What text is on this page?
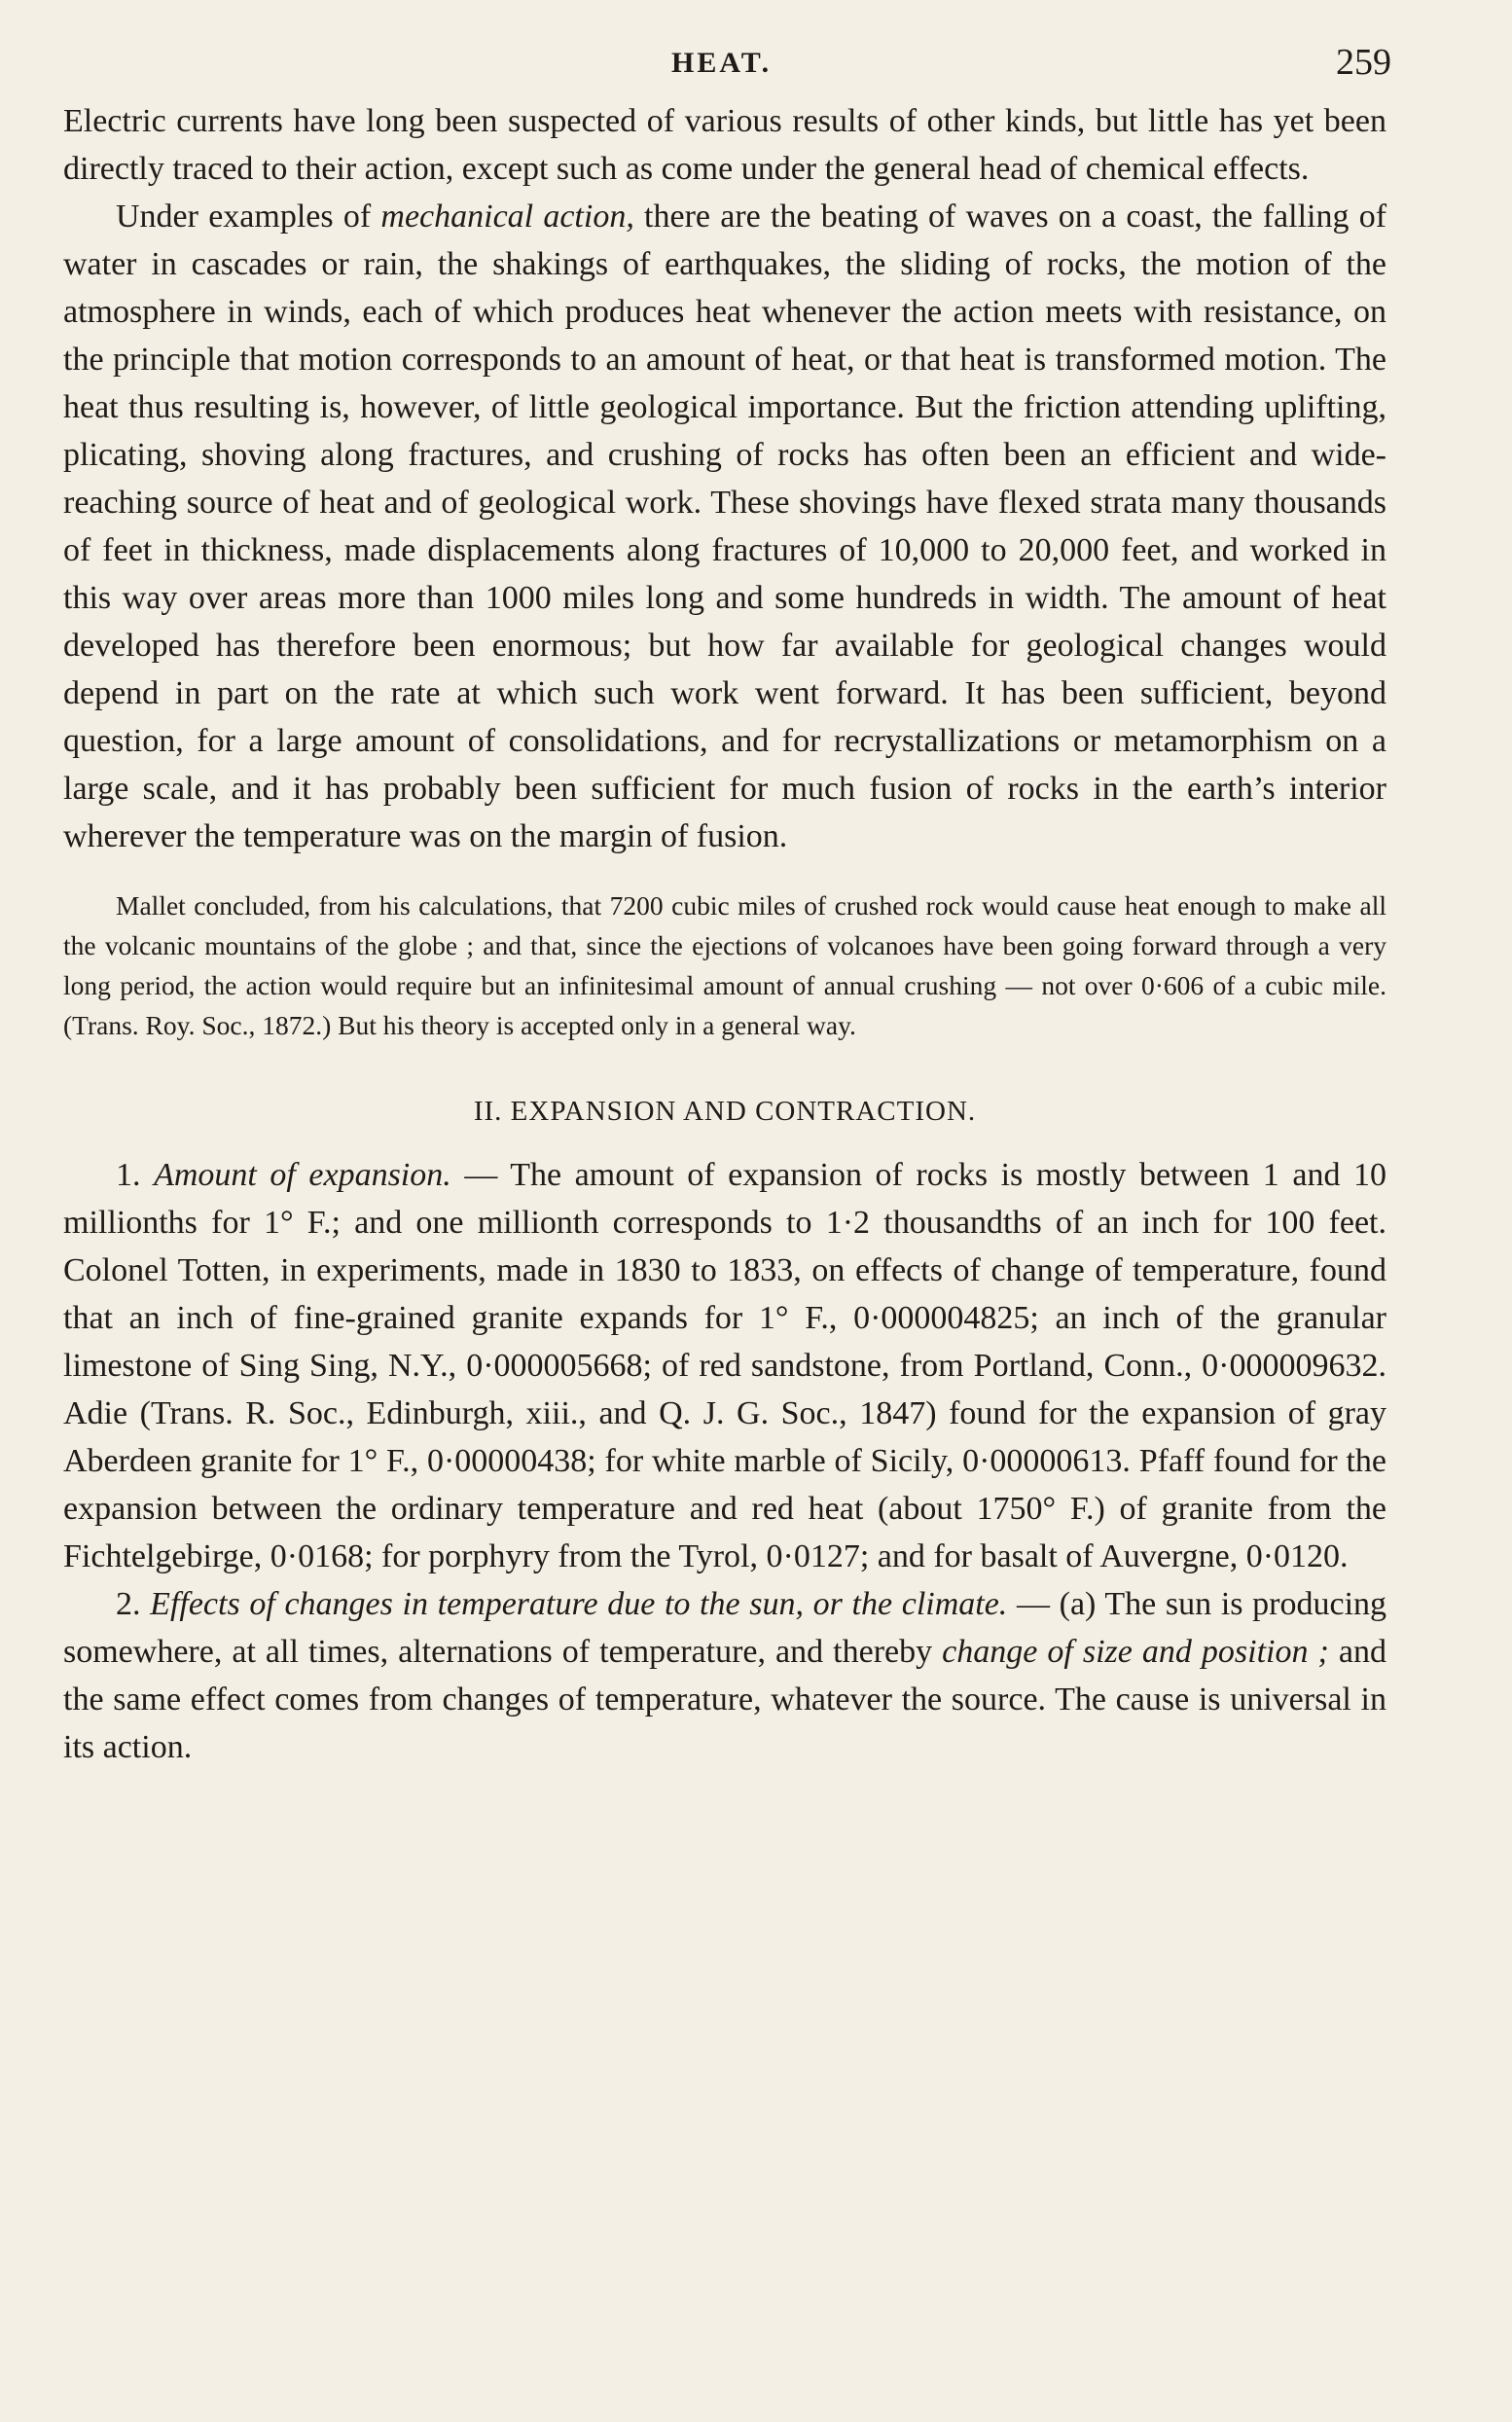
HEAT.	259

Electric currents have long been suspected of various results of other kinds, but little has yet been directly traced to their action, except such as come under the general head of chemical effects.

Under examples of mechanical action, there are the beating of waves on a coast, the falling of water in cascades or rain, the shakings of earthquakes, the sliding of rocks, the motion of the atmosphere in winds, each of which produces heat whenever the action meets with resistance, on the principle that motion corresponds to an amount of heat, or that heat is transformed motion. The heat thus resulting is, however, of little geological importance. But the friction attending uplifting, plicating, shoving along fractures, and crushing of rocks has often been an efficient and wide-reaching source of heat and of geological work. These shovings have flexed strata many thousands of feet in thickness, made displacements along fractures of 10,000 to 20,000 feet, and worked in this way over areas more than 1000 miles long and some hundreds in width. The amount of heat developed has therefore been enormous; but how far available for geological changes would depend in part on the rate at which such work went forward. It has been sufficient, beyond question, for a large amount of consolidations, and for recrystallizations or metamorphism on a large scale, and it has probably been sufficient for much fusion of rocks in the earth’s interior wherever the temperature was on the margin of fusion.

Mallet concluded, from his calculations, that 7200 cubic miles of crushed rock would cause heat enough to make all the volcanic mountains of the globe ; and that, since the ejections of volcanoes have been going forward through a very long period, the action would require but an infinitesimal amount of annual crushing — not over 0·606 of a cubic mile. (Trans. Roy. Soc., 1872.) But his theory is accepted only in a general way.

II. EXPANSION AND CONTRACTION.

1. Amount of expansion. — The amount of expansion of rocks is mostly between 1 and 10 millionths for 1° F.; and one millionth corresponds to 1·2 thousandths of an inch for 100 feet. Colonel Totten, in experiments, made in 1830 to 1833, on effects of change of temperature, found that an inch of fine-grained granite expands for 1° F., 0·000004825; an inch of the granular limestone of Sing Sing, N.Y., 0·000005668; of red sandstone, from Portland, Conn., 0·000009632. Adie (Trans. R. Soc., Edinburgh, xiii., and Q. J. G. Soc., 1847) found for the expansion of gray Aberdeen granite for 1° F., 0·00000438; for white marble of Sicily, 0·00000613. Pfaff found for the expansion between the ordinary temperature and red heat (about 1750° F.) of granite from the Fichtelgebirge, 0·0168; for porphyry from the Tyrol, 0·0127; and for basalt of Auvergne, 0·0120.

2. Effects of changes in temperature due to the sun, or the climate. — (a) The sun is producing somewhere, at all times, alternations of temperature, and thereby change of size and position ; and the same effect comes from changes of temperature, whatever the source. The cause is universal in its action.
